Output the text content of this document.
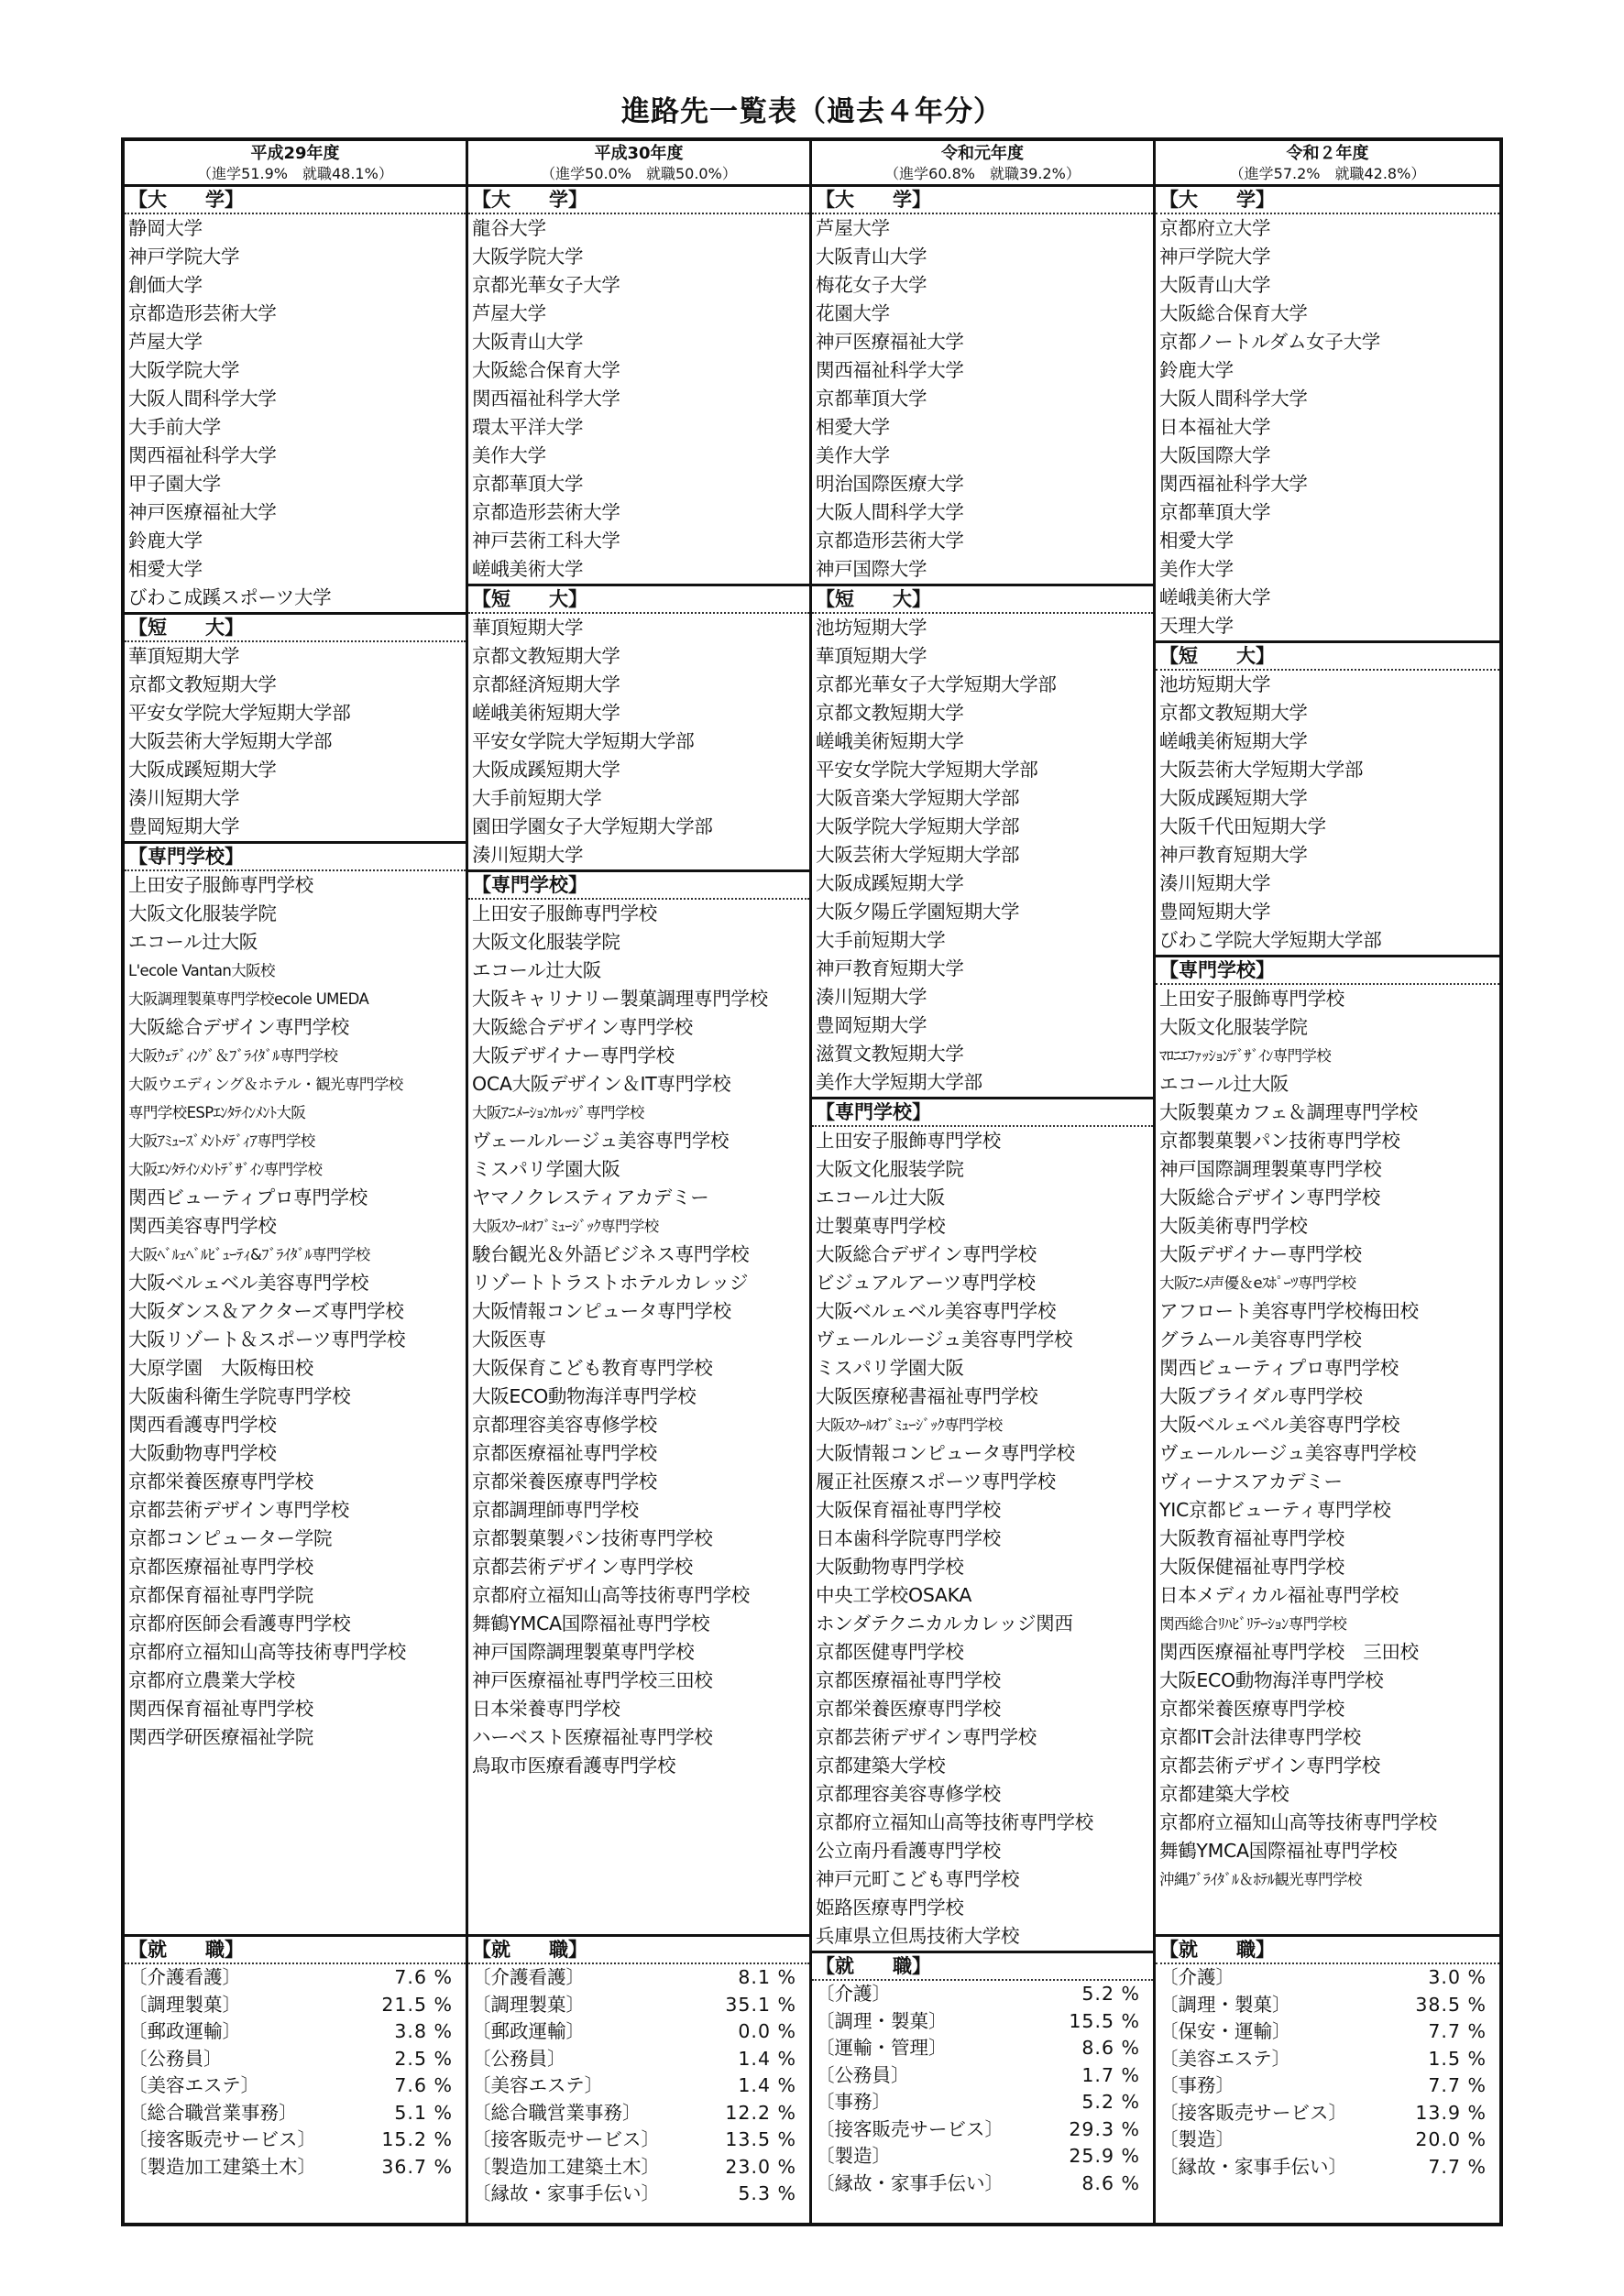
進路先一覧表（過去４年分）
平成29年度
（進学51.9%　就職48.1%）
【大　　学】
静岡大学
神戸学院大学
創価大学
京都造形芸術大学
芦屋大学
大阪学院大学
大阪人間科学大学
大手前大学
関西福祉科学大学
甲子園大学
神戸医療福祉大学
鈴鹿大学
相愛大学
びわこ成蹊スポーツ大学
【短　　大】
華頂短期大学
京都文教短期大学
平安女学院大学短期大学部
大阪芸術大学短期大学部
大阪成蹊短期大学
湊川短期大学
豊岡短期大学
【専門学校】
上田安子服飾専門学校
大阪文化服装学院
エコール辻大阪
L'ecole Vantan大阪校
大阪調理製菓専門学校ecole UMEDA
大阪総合デザイン専門学校
大阪ｳｪﾃﾞｨﾝｸﾞ＆ﾌﾞﾗｲﾀﾞﾙ専門学校
大阪ウエディング＆ホテル・観光専門学校
専門学校ESPｴﾝﾀﾃｲﾝﾒﾝﾄ大阪
大阪ｱﾐｭｰｽﾞﾒﾝﾄﾒﾃﾞｨｱ専門学校
大阪ｴﾝﾀﾃｲﾝﾒﾝﾄﾃﾞｻﾞｲﾝ専門学校
関西ビューティプロ専門学校
関西美容専門学校
大阪ﾍﾞﾙｪﾍﾞﾙﾋﾞｭｰﾃｨ&ﾌﾞﾗｲﾀﾞﾙ専門学校
大阪ベルェベル美容専門学校
大阪ダンス＆アクターズ専門学校
大阪リゾート＆スポーツ専門学校
大原学園　大阪梅田校
大阪歯科衛生学院専門学校
関西看護専門学校
大阪動物専門学校
京都栄養医療専門学校
京都芸術デザイン専門学校
京都コンピューター学院
京都医療福祉専門学校
京都保育福祉専門学院
京都府医師会看護専門学校
京都府立福知山高等技術専門学校
京都府立農業大学校
関西保育福祉専門学校
関西学研医療福祉学院
【就　　職】
〔介護看護〕	7.6 %
〔調理製菓〕	21.5 %
〔郵政運輸〕	3.8 %
〔公務員〕	2.5 %
〔美容エステ〕	7.6 %
〔総合職営業事務〕	5.1 %
〔接客販売サービス〕	15.2 %
〔製造加工建築土木〕	36.7 %
平成30年度
（進学50.0%　就職50.0%）
【大　　学】
龍谷大学
大阪学院大学
京都光華女子大学
芦屋大学
大阪青山大学
大阪総合保育大学
関西福祉科学大学
環太平洋大学
美作大学
京都華頂大学
京都造形芸術大学
神戸芸術工科大学
嵯峨美術大学
【短　　大】
華頂短期大学
京都文教短期大学
京都経済短期大学
嵯峨美術短期大学
平安女学院大学短期大学部
大阪成蹊短期大学
大手前短期大学
園田学園女子大学短期大学部
湊川短期大学
【専門学校】
上田安子服飾専門学校
大阪文化服装学院
エコール辻大阪
大阪キャリナリー製菓調理専門学校
大阪総合デザイン専門学校
大阪デザイナー専門学校
OCA大阪デザイン＆IT専門学校
大阪ｱﾆﾒｰｼｮﾝｶﾚｯｼﾞ専門学校
ヴェールルージュ美容専門学校
ミスパリ学園大阪
ヤマノクレスティアカデミー
大阪ｽｸｰﾙｵﾌﾞﾐｭｰｼﾞｯｸ専門学校
駿台観光＆外語ビジネス専門学校
リゾートトラストホテルカレッジ
大阪情報コンピュータ専門学校
大阪医専
大阪保育こども教育専門学校
大阪ECO動物海洋専門学校
京都理容美容専修学校
京都医療福祉専門学校
京都栄養医療専門学校
京都調理師専門学校
京都製菓製パン技術専門学校
京都芸術デザイン専門学校
京都府立福知山高等技術専門学校
舞鶴YMCA国際福祉専門学校
神戸国際調理製菓専門学校
神戸医療福祉専門学校三田校
日本栄養専門学校
ハーベスト医療福祉専門学校
鳥取市医療看護専門学校
【就　　職】
〔介護看護〕	8.1 %
〔調理製菓〕	35.1 %
〔郵政運輸〕	0.0 %
〔公務員〕	1.4 %
〔美容エステ〕	1.4 %
〔総合職営業事務〕	12.2 %
〔接客販売サービス〕	13.5 %
〔製造加工建築土木〕	23.0 %
〔縁故・家事手伝い〕	5.3 %
令和元年度
（進学60.8%　就職39.2%）
【大　　学】
芦屋大学
大阪青山大学
梅花女子大学
花園大学
神戸医療福祉大学
関西福祉科学大学
京都華頂大学
相愛大学
美作大学
明治国際医療大学
大阪人間科学大学
京都造形芸術大学
神戸国際大学
【短　　大】
池坊短期大学
華頂短期大学
京都光華女子大学短期大学部
京都文教短期大学
嵯峨美術短期大学
平安女学院大学短期大学部
大阪音楽大学短期大学部
大阪学院大学短期大学部
大阪芸術大学短期大学部
大阪成蹊短期大学
大阪夕陽丘学園短期大学
大手前短期大学
神戸教育短期大学
湊川短期大学
豊岡短期大学
滋賀文教短期大学
美作大学短期大学部
【専門学校】
上田安子服飾専門学校
大阪文化服装学院
エコール辻大阪
辻製菓専門学校
大阪総合デザイン専門学校
ビジュアルアーツ専門学校
大阪ベルェベル美容専門学校
ヴェールルージュ美容専門学校
ミスパリ学園大阪
大阪医療秘書福祉専門学校
大阪ｽｸｰﾙｵﾌﾞﾐｭｰｼﾞｯｸ専門学校
大阪情報コンピュータ専門学校
履正社医療スポーツ専門学校
大阪保育福祉専門学校
日本歯科学院専門学校
大阪動物専門学校
中央工学校OSAKA
ホンダテクニカルカレッジ関西
京都医健専門学校
京都医療福祉専門学校
京都栄養医療専門学校
京都芸術デザイン専門学校
京都建築大学校
京都理容美容専修学校
京都府立福知山高等技術専門学校
公立南丹看護専門学校
神戸元町こども専門学校
姫路医療専門学校
兵庫県立但馬技術大学校
【就　　職】
〔介護〕	5.2 %
〔調理・製菓〕	15.5 %
〔運輸・管理〕	8.6 %
〔公務員〕	1.7 %
〔事務〕	5.2 %
〔接客販売サービス〕	29.3 %
〔製造〕	25.9 %
〔縁故・家事手伝い〕	8.6 %
令和２年度
（進学57.2%　就職42.8%）
【大　　学】
京都府立大学
神戸学院大学
大阪青山大学
大阪総合保育大学
京都ノートルダム女子大学
鈴鹿大学
大阪人間科学大学
日本福祉大学
大阪国際大学
関西福祉科学大学
京都華頂大学
相愛大学
美作大学
嵯峨美術大学
天理大学
【短　　大】
池坊短期大学
京都文教短期大学
嵯峨美術短期大学
大阪芸術大学短期大学部
大阪成蹊短期大学
大阪千代田短期大学
神戸教育短期大学
湊川短期大学
豊岡短期大学
びわこ学院大学短期大学部
【専門学校】
上田安子服飾専門学校
大阪文化服装学院
ﾏﾛﾆｴﾌｧｯｼｮﾝﾃﾞｻﾞｲﾝ専門学校
エコール辻大阪
大阪製菓カフェ＆調理専門学校
京都製菓製パン技術専門学校
神戸国際調理製菓専門学校
大阪総合デザイン専門学校
大阪美術専門学校
大阪デザイナー専門学校
大阪ｱﾆﾒ声優＆eｽﾎﾟｰﾂ専門学校
アフロート美容専門学校梅田校
グラムール美容専門学校
関西ビューティプロ専門学校
大阪ブライダル専門学校
大阪ベルェベル美容専門学校
ヴェールルージュ美容専門学校
ヴィーナスアカデミー
YIC京都ビューティ専門学校
大阪教育福祉専門学校
大阪保健福祉専門学校
日本メディカル福祉専門学校
関西総合ﾘﾊﾋﾞﾘﾃｰｼｮﾝ専門学校
関西医療福祉専門学校　三田校
大阪ECO動物海洋専門学校
京都栄養医療専門学校
京都IT会計法律専門学校
京都芸術デザイン専門学校
京都建築大学校
京都府立福知山高等技術専門学校
舞鶴YMCA国際福祉専門学校
沖縄ﾌﾞﾗｲﾀﾞﾙ＆ﾎﾃﾙ観光専門学校
【就　　職】
〔介護〕	3.0 %
〔調理・製菓〕	38.5 %
〔保安・運輸〕	7.7 %
〔美容エステ〕	1.5 %
〔事務〕	7.7 %
〔接客販売サービス〕	13.9 %
〔製造〕	20.0 %
〔縁故・家事手伝い〕	7.7 %
